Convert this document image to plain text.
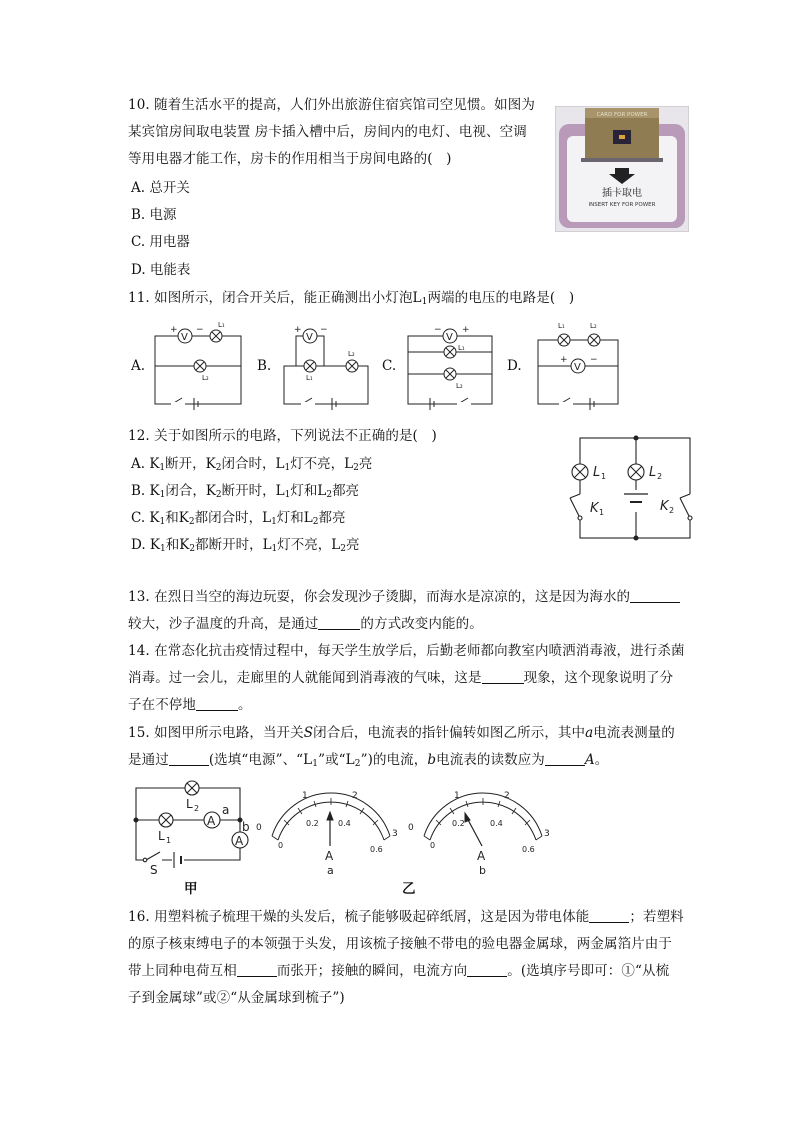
10. 随着生活水平的提高，人们外出旅游住宿宾馆司空见惯。如图为
某宾馆房间取电装置 房卡插入槽中后，房间内的电灯、电视、空调
等用电器才能工作，房卡的作用相当于房间电路的(　)
A. 总开关
B. 电源
C. 用电器
D. 电能表
CARD FOR POWER
插卡取电
INSERT KEY FOR POWER
11. 如图所示，闭合开关后，能正确测出小灯泡$L_1$两端的电压的电路是(　)
A.	B.	C.	D.
V
+ − L₁
L₂
V
+ −
L₁
L₂
V
− +
L₁
L₂
L₁	L₂
V
+ −
12. 关于如图所示的电路，下列说法不正确的是(　)
A. $K_1$断开，$K_2$闭合时，$L_1$灯不亮，$L_2$亮
B. $K_1$闭合，$K_2$断开时，$L_1$灯和$L_2$都亮
C. $K_1$和$K_2$都闭合时，$L_1$灯和$L_2$都亮
D. $K_1$和$K_2$都断开时，$L_1$灯不亮，$L_2$亮
L 1	L 2
K 1	K 2
13. 在烈日当空的海边玩耍，你会发现沙子烫脚，而海水是凉凉的，这是因为海水的
较大，沙子温度的升高，是通过	的方式改变内能的。
14. 在常态化抗击疫情过程中，每天学生放学后，后勤老师都向教室内喷洒消毒液，进行杀菌
消毒。过一会儿，走廊里的人就能闻到消毒液的气味，这是	现象，这个现象说明了分
子在不停地	。
15. 如图甲所示电路，当开关S闭合后，电流表的指针偏转如图乙所示，其中a电流表测量的
是通过	(选填“电源”、“$L_1$”或“$L_2$”)的电流，b电流表的读数应为	A。
L 2
L 1
A
a
A
b
S
甲
0
1	2
3
0
0.2 0.4
0.6
A
a
0
1	2
3
0
0.2	0.4
0.6
A
b
乙
16. 用塑料梳子梳理干燥的头发后，梳子能够吸起碎纸屑，这是因为带电体能	；若塑料
的原子核束缚电子的本领强于头发，用该梳子接触不带电的验电器金属球，两金属箔片由于
带上同种电荷互相	而张开；接触的瞬间，电流方向	。(选填序号即可：①“从梳
子到金属球”或②“从金属球到梳子”)
